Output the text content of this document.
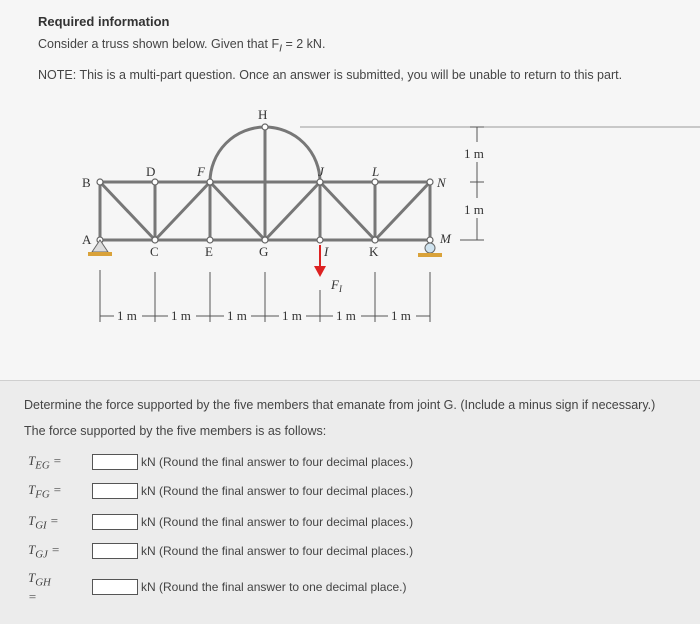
Required information
Consider a truss shown below. Given that $F_I = 2$ kN.
NOTE: This is a multi-part question. Once an answer is submitted, you will be unable to return to this part.
B
A
D	F
H
J	L
N
C	E	G	I	K
M
$F_I$
1 m	1 m	1 m	1 m	1 m	1 m
1 m
1 m
Determine the force supported by the five members that emanate from joint G. (Include a minus sign if necessary.)
The force supported by the five members is as follows:
$T_{EG}$ =	kN (Round the final answer to four decimal places.)
$T_{FG}$ =	kN (Round the final answer to four decimal places.)
$T_{GI}$ =	kN (Round the final answer to four decimal places.)
$T_{GJ}$ =	kN (Round the final answer to four decimal places.)
$T_{GH}$ =
kN (Round the final answer to one decimal place.)
